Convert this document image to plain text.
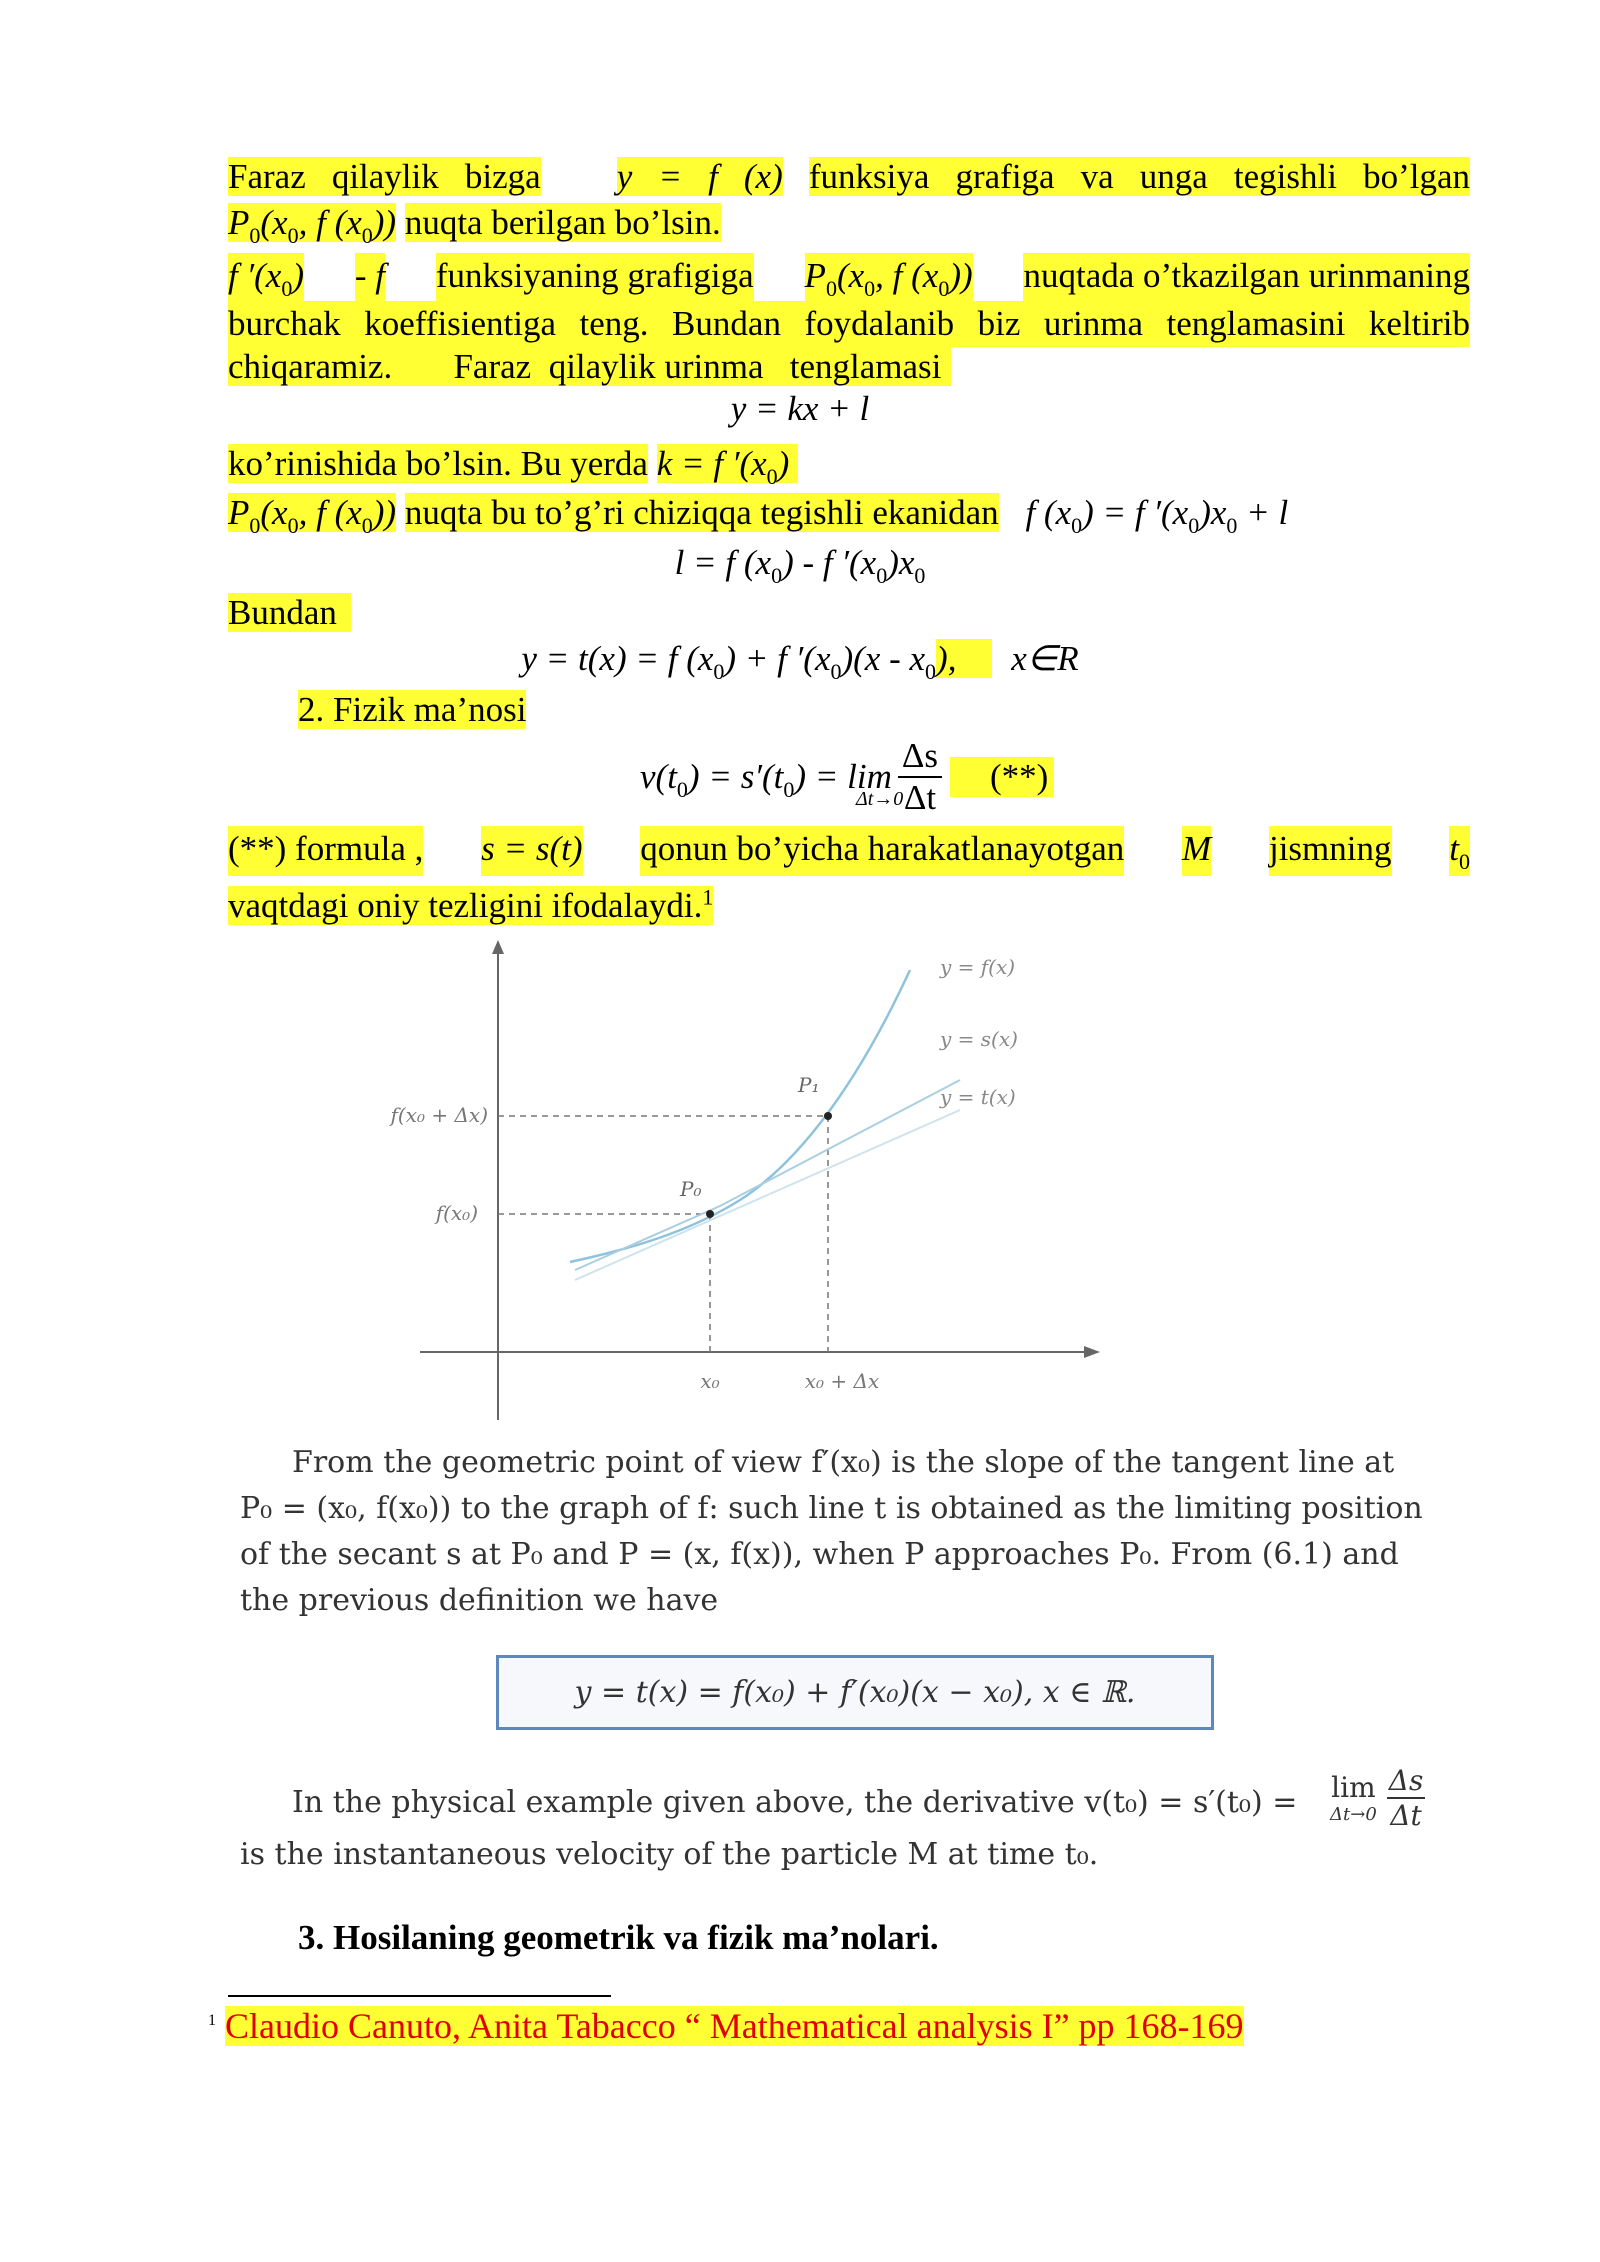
Faraz qilaylik bizga y = f (x) funksiya grafiga va unga tegishli bo’lgan
$P_0(x_0$, f $(x_0)$) nuqta berilgan bo’lsin.
f $'(x_0)$ - f funksiyaning grafigiga $P_0(x_0$, f $(x_0)$) nuqtada o’tkazilgan urinmaning
burchak koeffisientiga teng. Bundan foydalanib biz urinma tenglamasini keltirib
chiqaramiz.       Faraz  qilaylik urinma   tenglamasi
y = kx + l
ko’rinishida bo’lsin. Bu yerda k = f $'(x_0)$
$P_0(x_0$, f $(x_0)$) nuqta bu to’g’ri chiziqqa tegishli ekanidan f $(x_0) = f$ $'(x_0)x_0 + l$
l = f $(x_0)$ - f $'(x_0)x_0$
Bundan
y = t(x) = f $(x_0) + f$ $'(x_0)(x - x_0)$, x∈R
2. Fizik ma’nosi
$v(t_0) = s'(t_0) = \lim$
Δs
Δt
(**)
Δt→0
(**) formula , s = s(t) qonun bo’yicha harakatlanayotgan M jismning $t_0$
vaqtdagi oniy tezligini ifodalaydi.$^1$
P₀
P₁
f(x₀ + Δx)
f(x₀)
x₀	x₀ + Δx
y = f(x)
y = s(x)
y = t(x)
From the geometric point of view f′(x₀) is the slope of the tangent line at
P₀ = (x₀, f(x₀)) to the graph of f: such line t is obtained as the limiting position
of the secant s at P₀ and P = (x, f(x)), when P approaches P₀. From (6.1) and
the previous definition we have
y = t(x) = f(x₀) + f′(x₀)(x − x₀), x ∈ ℝ.
In the physical example given above, the derivative v(t₀) = s′(t₀) =
is the instantaneous velocity of the particle M at time t₀.
lim
Δt→0
Δs
Δt
3. Hosilaning geometrik va fizik ma’nolari.
$^1$ Claudio Canuto, Anita Tabacco “ Mathematical analysis I” pp 168-169
